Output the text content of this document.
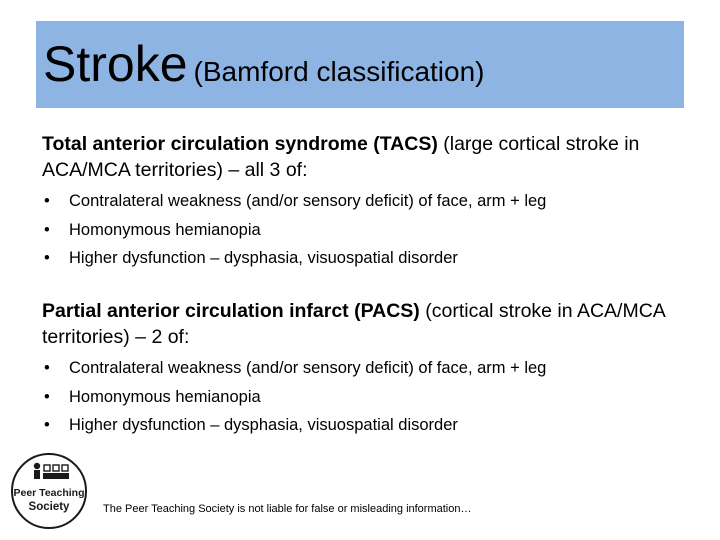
Stroke (Bamford classification)
Total anterior circulation syndrome (TACS) (large cortical stroke in ACA/MCA territories) – all 3 of:
• Contralateral weakness (and/or sensory deficit) of face, arm + leg
• Homonymous hemianopia
• Higher dysfunction – dysphasia, visuospatial disorder
Partial anterior circulation infarct (PACS) (cortical stroke in ACA/MCA territories) – 2 of:
• Contralateral weakness (and/or sensory deficit) of face, arm + leg
• Homonymous hemianopia
• Higher dysfunction – dysphasia, visuospatial disorder
Peer Teaching
Society	The Peer Teaching Society is not liable for false or misleading information…
